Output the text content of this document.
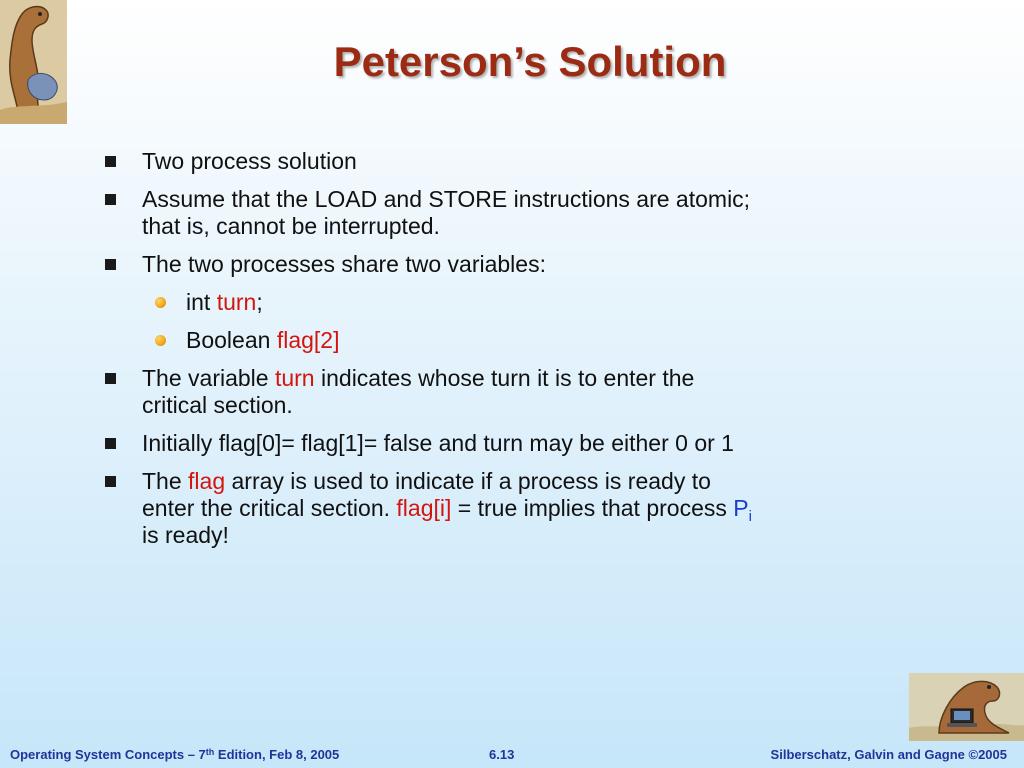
Peterson’s Solution
Two process solution
Assume that the LOAD and STORE instructions are atomic;
that is, cannot be interrupted.
The two processes share two variables:
int turn;
Boolean flag[2]
The variable turn indicates whose turn it is to enter the
critical section.
Initially flag[0]= flag[1]= false and turn may be either 0 or 1
The flag array is used to indicate if a process is ready to
enter the critical section. flag[i] = true implies that process $P_i$
is ready!
Operating System Concepts – 7th Edition, Feb 8, 2005	6.13	Silberschatz, Galvin and Gagne ©2005
